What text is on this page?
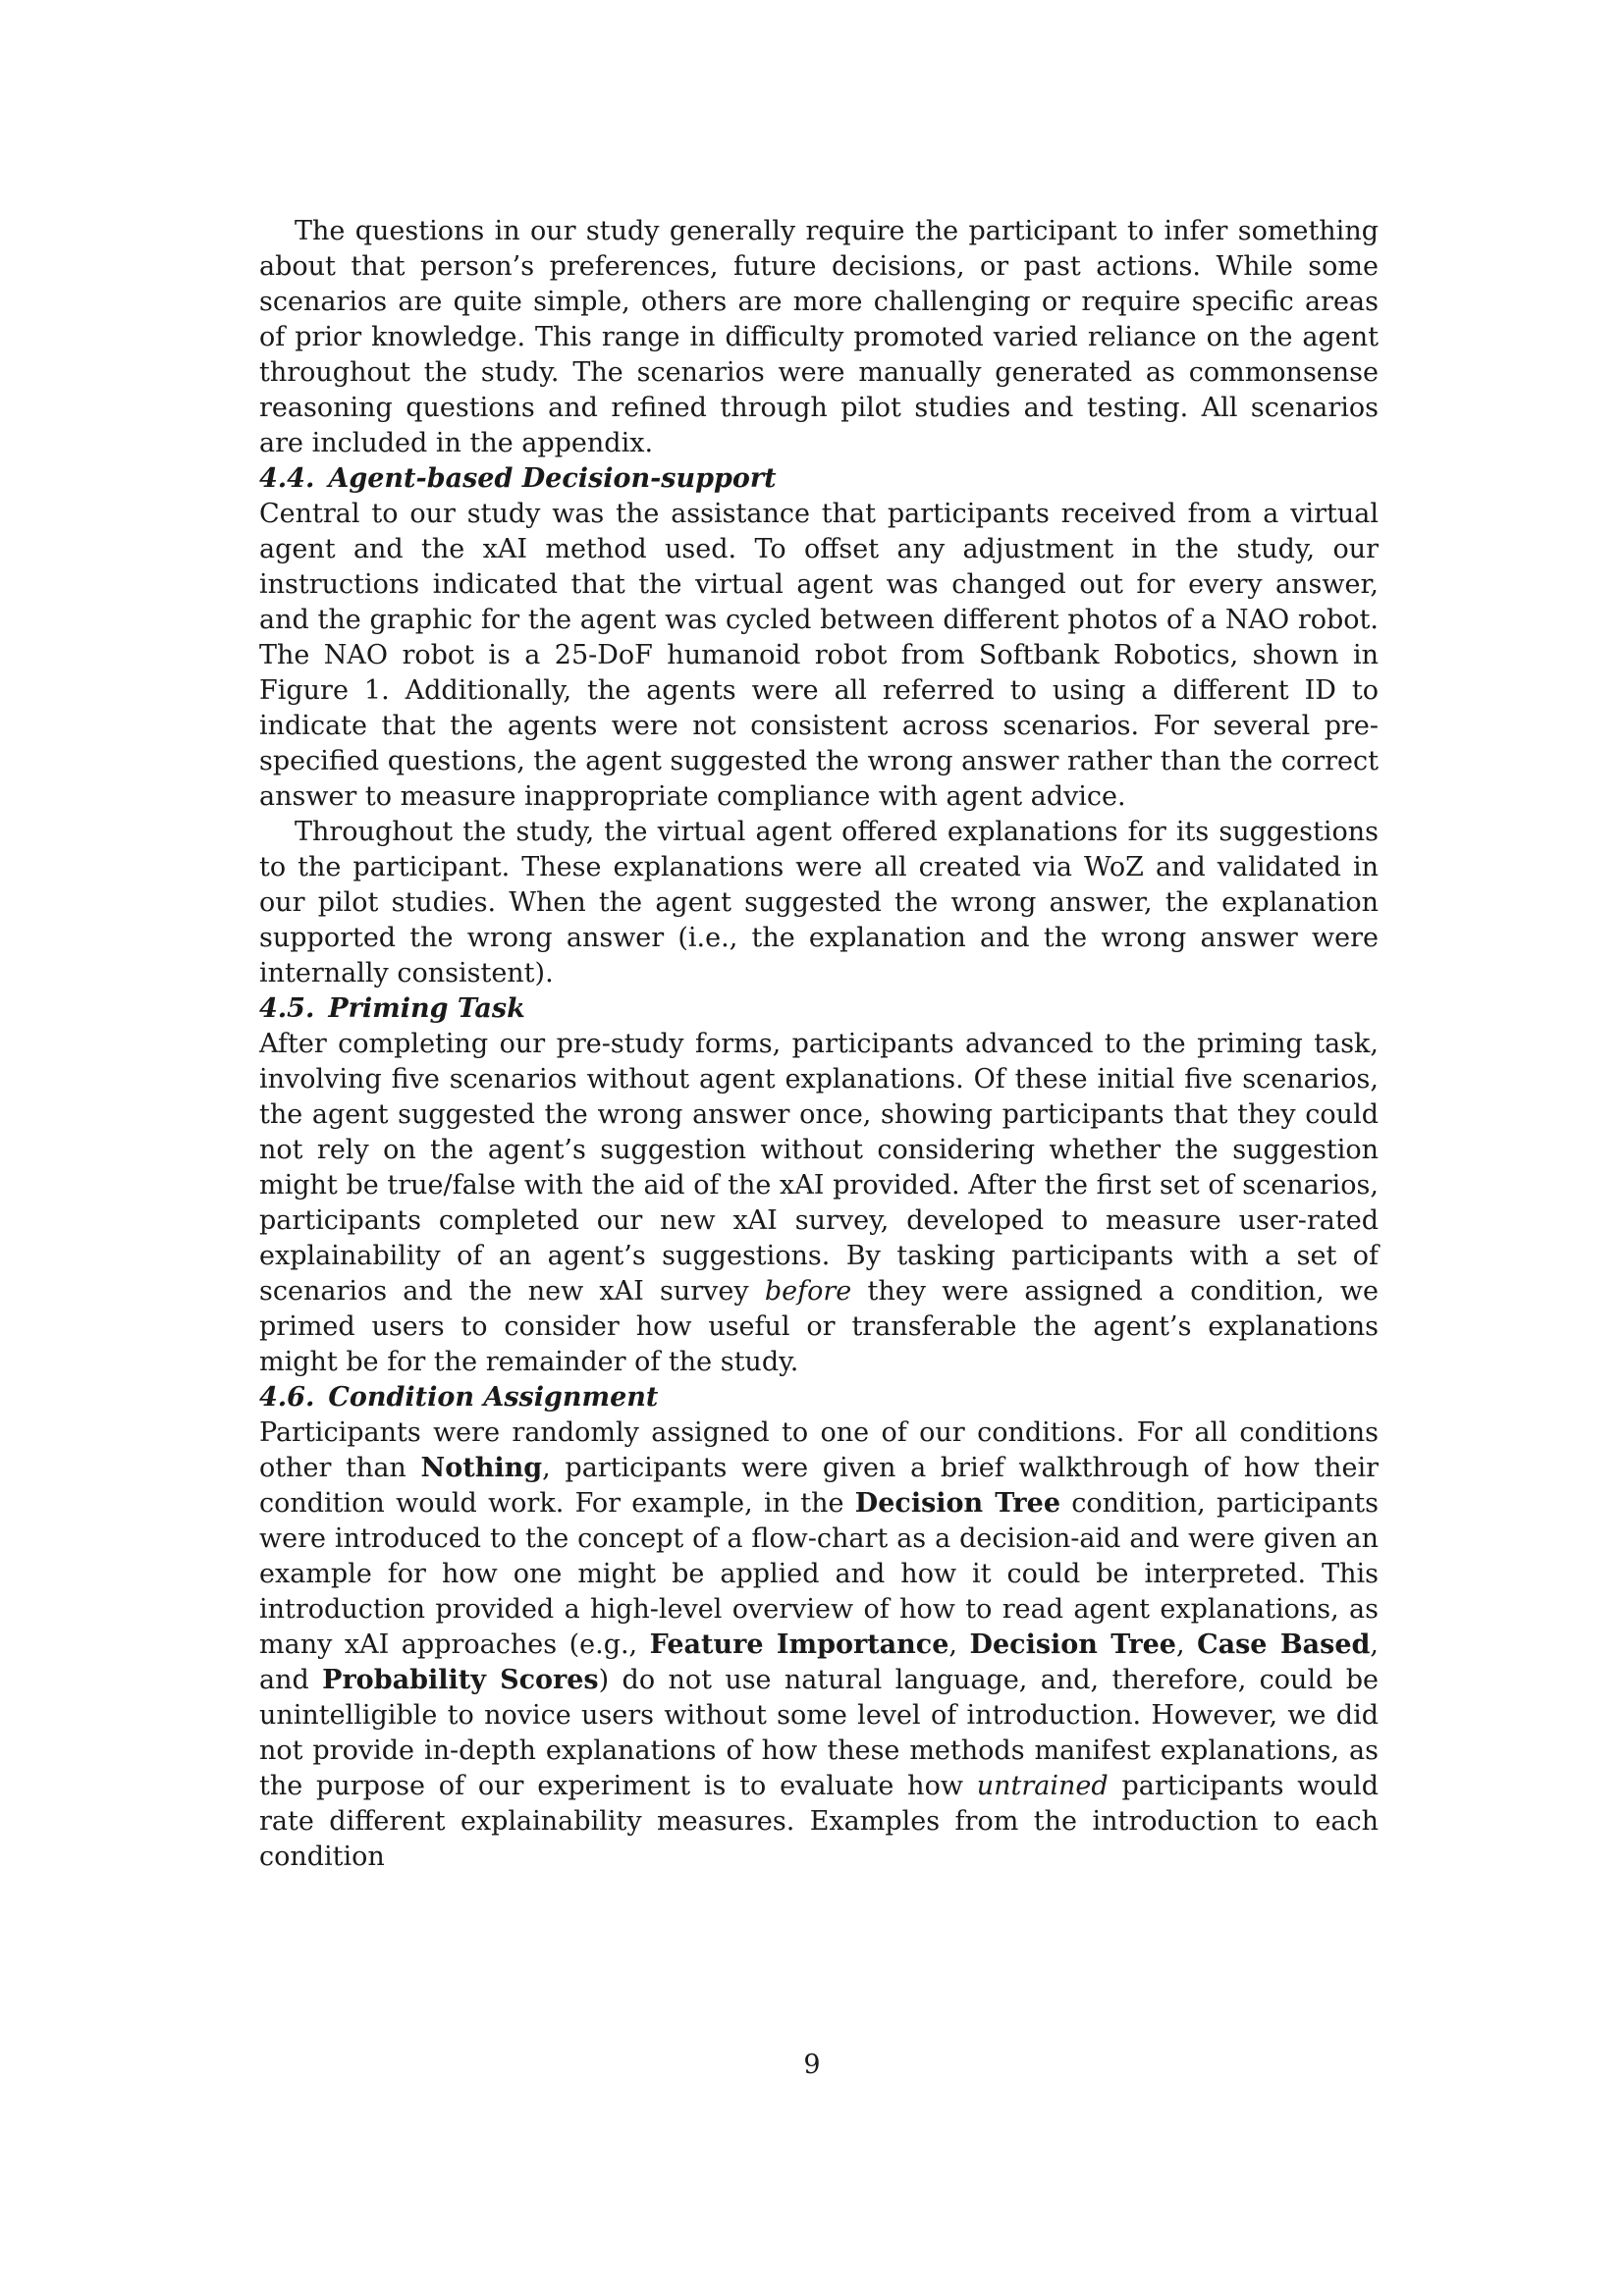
The questions in our study generally require the participant to infer something about that person’s preferences, future decisions, or past actions. While some scenarios are quite simple, others are more challenging or require specific areas of prior knowledge. This range in difficulty promoted varied reliance on the agent throughout the study. The scenarios were manually generated as commonsense reasoning questions and refined through pilot studies and testing. All scenarios are included in the appendix.

4.4. Agent-based Decision-support

Central to our study was the assistance that participants received from a virtual agent and the xAI method used. To offset any adjustment in the study, our instructions indicated that the virtual agent was changed out for every answer, and the graphic for the agent was cycled between different photos of a NAO robot. The NAO robot is a 25-DoF humanoid robot from Softbank Robotics, shown in Figure 1. Additionally, the agents were all referred to using a different ID to indicate that the agents were not consistent across scenarios. For several pre-specified questions, the agent suggested the wrong answer rather than the correct answer to measure inappropriate compliance with agent advice.

Throughout the study, the virtual agent offered explanations for its suggestions to the participant. These explanations were all created via WoZ and validated in our pilot studies. When the agent suggested the wrong answer, the explanation supported the wrong answer (i.e., the explanation and the wrong answer were internally consistent).

4.5. Priming Task

After completing our pre-study forms, participants advanced to the priming task, involving five scenarios without agent explanations. Of these initial five scenarios, the agent suggested the wrong answer once, showing participants that they could not rely on the agent’s suggestion without considering whether the suggestion might be true/false with the aid of the xAI provided. After the first set of scenarios, participants completed our new xAI survey, developed to measure user-rated explainability of an agent’s suggestions. By tasking participants with a set of scenarios and the new xAI survey before they were assigned a condition, we primed users to consider how useful or transferable the agent’s explanations might be for the remainder of the study.

4.6. Condition Assignment

Participants were randomly assigned to one of our conditions. For all conditions other than Nothing, participants were given a brief walkthrough of how their condition would work. For example, in the Decision Tree condition, participants were introduced to the concept of a flow-chart as a decision-aid and were given an example for how one might be applied and how it could be interpreted. This introduction provided a high-level overview of how to read agent explanations, as many xAI approaches (e.g., Feature Importance, Decision Tree, Case Based, and Probability Scores) do not use natural language, and, therefore, could be unintelligible to novice users without some level of introduction. However, we did not provide in-depth explanations of how these methods manifest explanations, as the purpose of our experiment is to evaluate how untrained participants would rate different explainability measures. Examples from the introduction to each condition

9
